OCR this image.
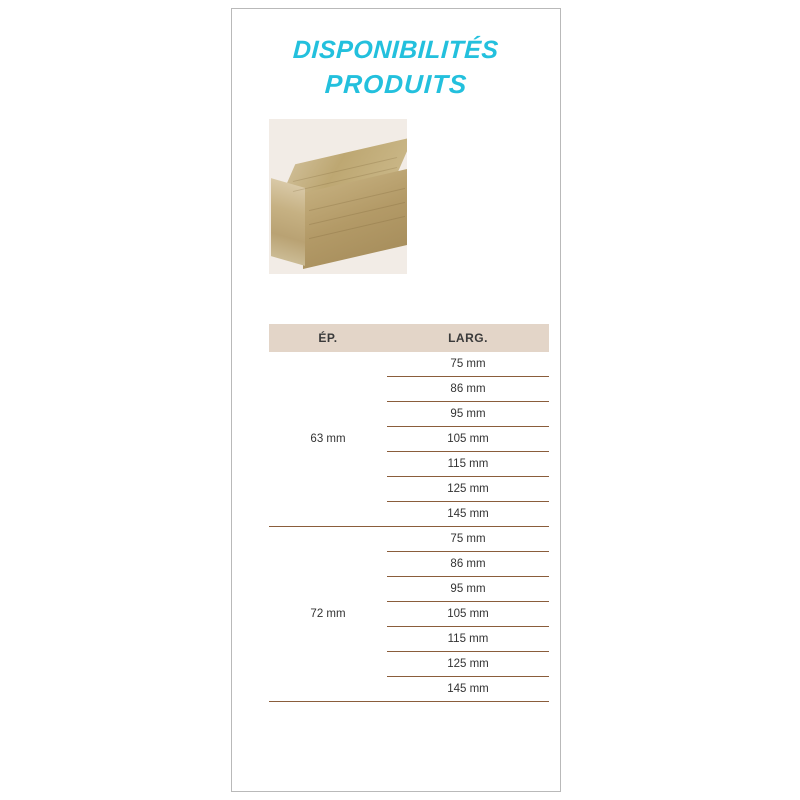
DISPONIBILITÉS
PRODUITS
ÉP.	LARG.
63 mm	75 mm
	86 mm
	95 mm
	105 mm
	115 mm
	125 mm
	145 mm
72 mm	75 mm
	86 mm
	95 mm
	105 mm
	115 mm
	125 mm
	145 mm
